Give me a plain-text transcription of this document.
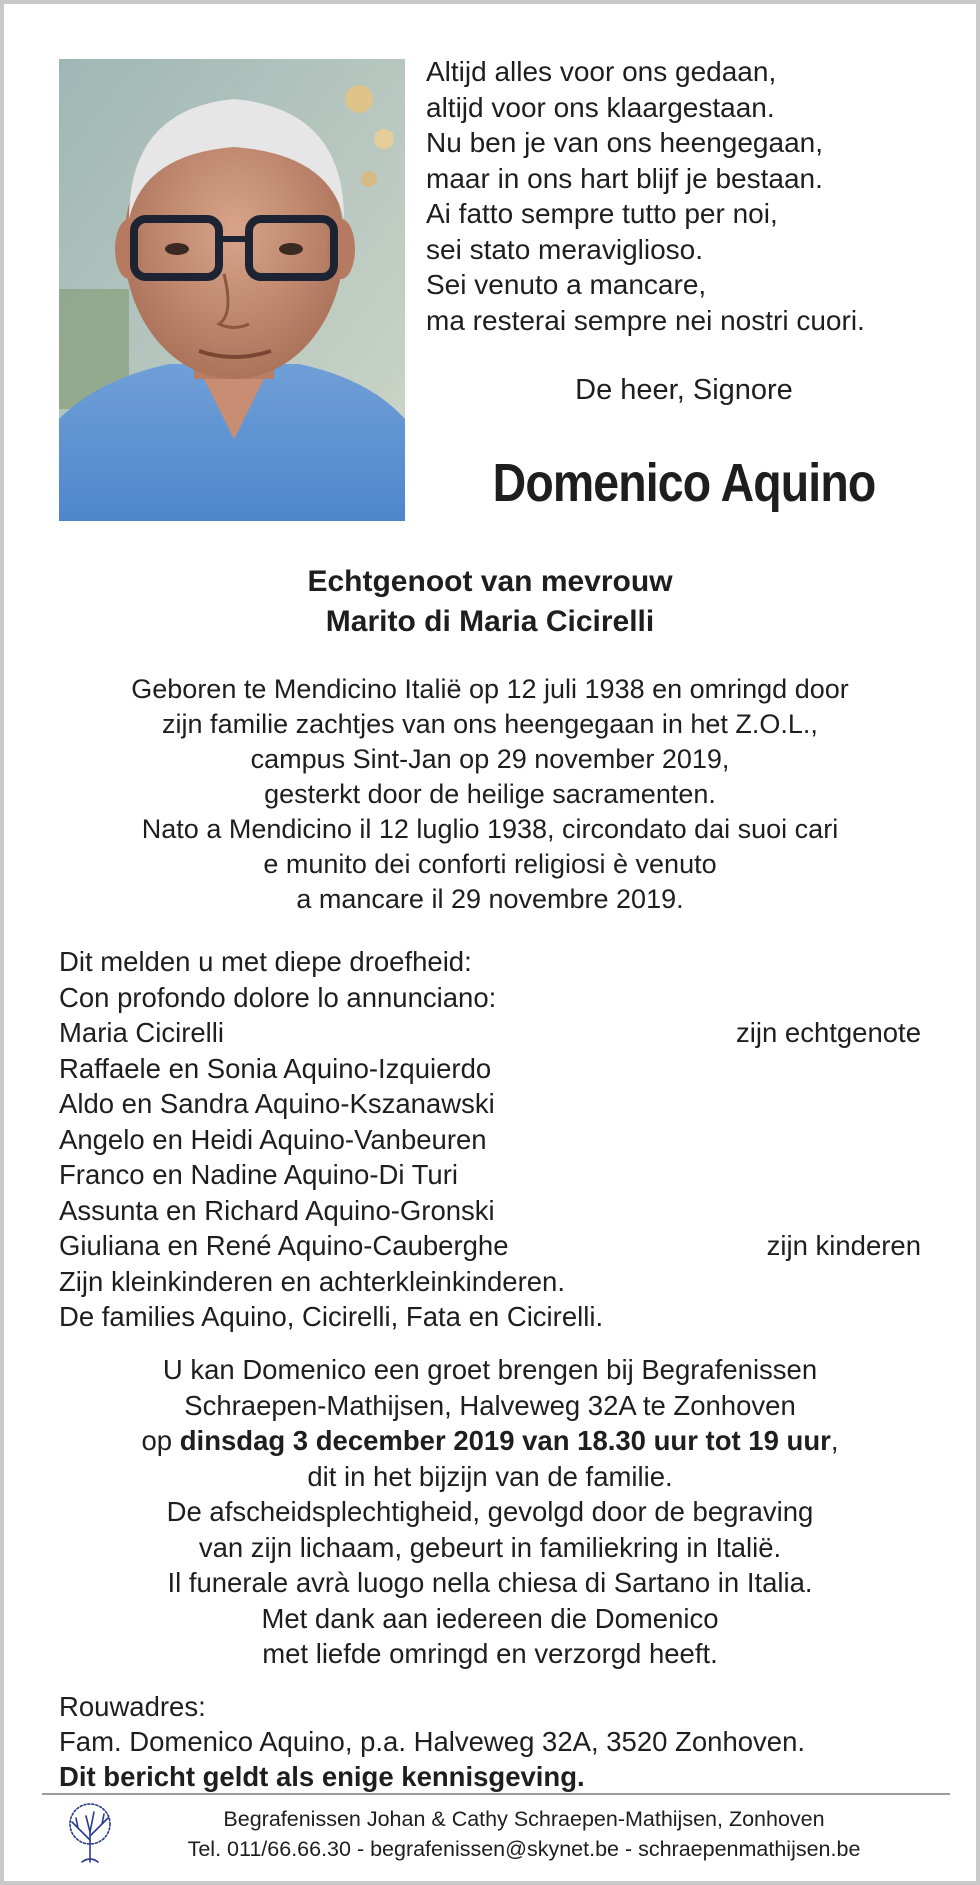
Altijd alles voor ons gedaan,
altijd voor ons klaargestaan.
Nu ben je van ons heengegaan,
maar in ons hart blijf je bestaan.
Ai fatto sempre tutto per noi,
sei stato meraviglioso.
Sei venuto a mancare,
ma resterai sempre nei nostri cuori.
De heer, Signore
Domenico Aquino
Echtgenoot van mevrouw
Marito di Maria Cicirelli
Geboren te Mendicino Italië op 12 juli 1938 en omringd door
zijn familie zachtjes van ons heengegaan in het Z.O.L.,
campus Sint-Jan op 29 november 2019,
gesterkt door de heilige sacramenten.
Nato a Mendicino il 12 luglio 1938, circondato dai suoi cari
e munito dei conforti religiosi è venuto
a mancare il 29 novembre 2019.
Dit melden u met diepe droefheid:
Con profondo dolore lo annunciano:
Maria Cicirelli	zijn echtgenote
Raffaele en Sonia Aquino-Izquierdo
Aldo en Sandra Aquino-Kszanawski
Angelo en Heidi Aquino-Vanbeuren
Franco en Nadine Aquino-Di Turi
Assunta en Richard Aquino-Gronski
Giuliana en René Aquino-Cauberghe	zijn kinderen
Zijn kleinkinderen en achterkleinkinderen.
De families Aquino, Cicirelli, Fata en Cicirelli.
U kan Domenico een groet brengen bij Begrafenissen
Schraepen-Mathijsen, Halveweg 32A te Zonhoven
op dinsdag 3 december 2019 van 18.30 uur tot 19 uur,
dit in het bijzijn van de familie.
De afscheidsplechtigheid, gevolgd door de begraving
van zijn lichaam, gebeurt in familiekring in Italië.
Il funerale avrà luogo nella chiesa di Sartano in Italia.
Met dank aan iedereen die Domenico
met liefde omringd en verzorgd heeft.
Rouwadres:
Fam. Domenico Aquino, p.a. Halveweg 32A, 3520 Zonhoven.
Dit bericht geldt als enige kennisgeving.
Begrafenissen Johan & Cathy Schraepen-Mathijsen, Zonhoven
Tel. 011/66.66.30 - begrafenissen@skynet.be - schraepenmathijsen.be
